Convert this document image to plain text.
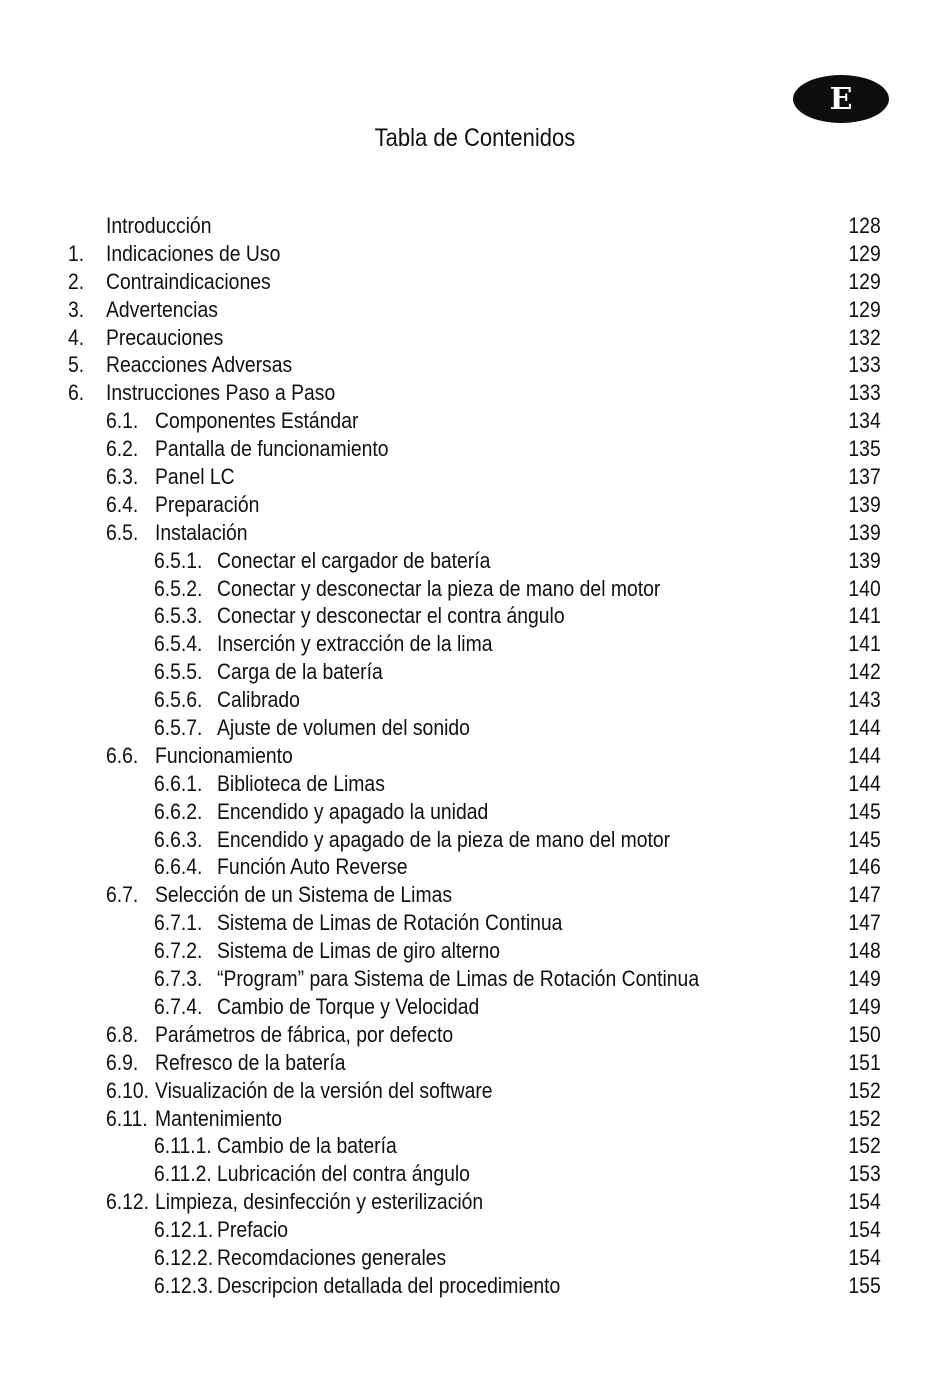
E
Tabla de Contenidos
Introducción	128
1. Indicaciones de Uso	129
2. Contraindicaciones	129
3. Advertencias	129
4. Precauciones	132
5. Reacciones Adversas	133
6. Instrucciones Paso a Paso	133
6.1. Componentes Estándar	134
6.2. Pantalla de funcionamiento	135
6.3. Panel LC	137
6.4. Preparación	139
6.5. Instalación	139
6.5.1. Conectar el cargador de batería	139
6.5.2. Conectar y desconectar la pieza de mano del motor	140
6.5.3. Conectar y desconectar el contra ángulo	141
6.5.4. Inserción y extracción de la lima	141
6.5.5. Carga de la batería	142
6.5.6. Calibrado	143
6.5.7. Ajuste de volumen del sonido	144
6.6. Funcionamiento	144
6.6.1. Biblioteca de Limas	144
6.6.2. Encendido y apagado la unidad	145
6.6.3. Encendido y apagado de la pieza de mano del motor	145
6.6.4. Función Auto Reverse	146
6.7. Selección de un Sistema de Limas	147
6.7.1. Sistema de Limas de Rotación Continua	147
6.7.2. Sistema de Limas de giro alterno	148
6.7.3. “Program” para Sistema de Limas de Rotación Continua	149
6.7.4. Cambio de Torque y Velocidad	149
6.8. Parámetros de fábrica, por defecto	150
6.9. Refresco de la batería	151
6.10. Visualización de la versión del software	152
6.11. Mantenimiento	152
6.11.1. Cambio de la batería	152
6.11.2. Lubricación del contra ángulo	153
6.12. Limpieza, desinfección y esterilización	154
6.12.1. Prefacio	154
6.12.2. Recomdaciones generales	154
6.12.3. Descripcion detallada del procedimiento	155
